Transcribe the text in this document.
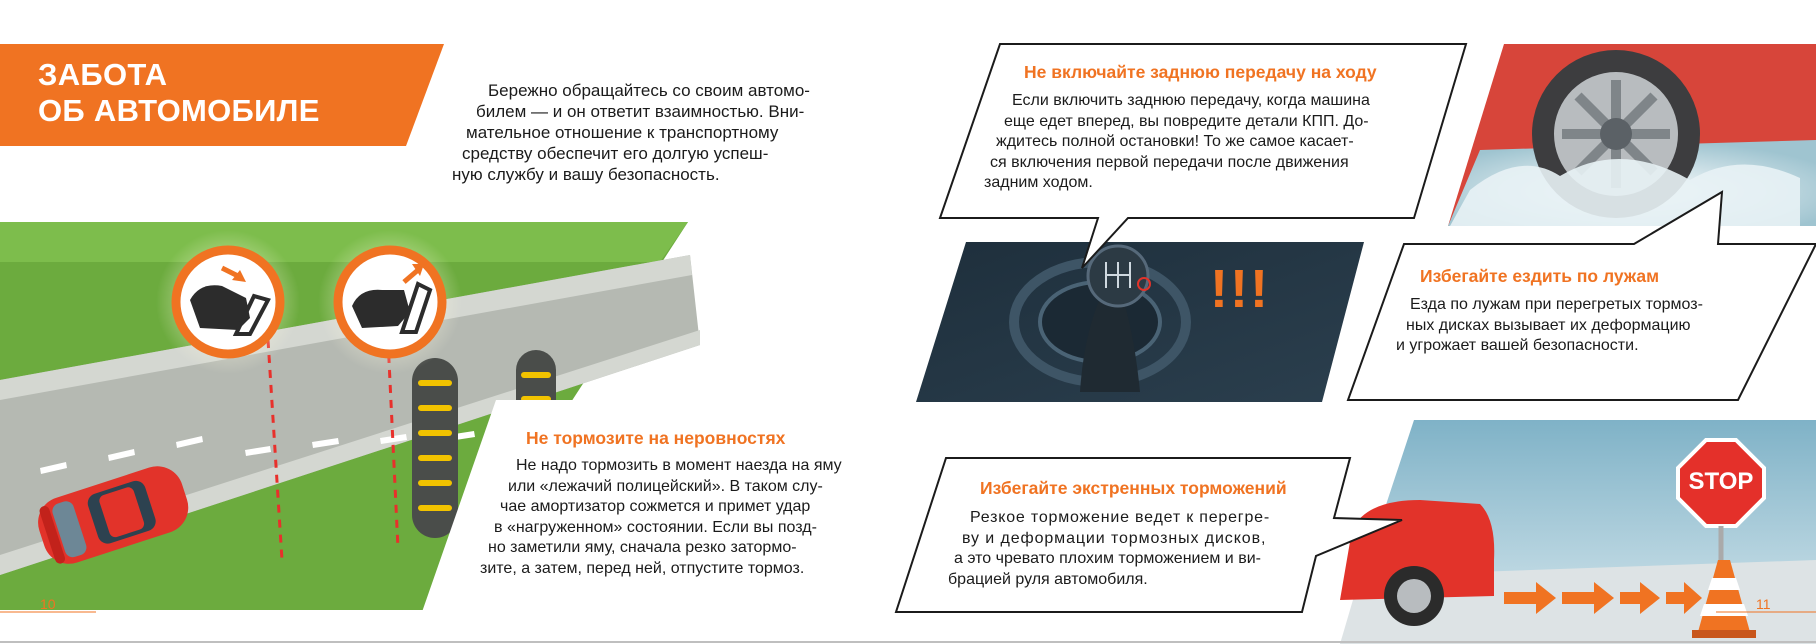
ЗАБОТА
ОБ АВТОМОБИЛЕ
Бережно обращайтесь со своим автомо-
билем — и он ответит взаимностью. Вни-
мательное отношение к транспортному
средству обеспечит его долгую успеш-
ную службу и вашу безопасность.
Не тормозите на неровностях
Не надо тормозить в момент наезда на яму
или «лежачий полицейский». В таком слу-
чае амортизатор сожмется и примет удар
в «нагруженном» состоянии. Если вы позд-
но заметили яму, сначала резко затормо-
зите, а затем, перед ней, отпустите тормоз.
Не включайте заднюю передачу на ходу
Если включить заднюю передачу, когда машина
еще едет вперед, вы повредите детали КПП. До-
ждитесь полной остановки! То же самое касает-
ся включения первой передачи после движения
задним ходом.
!!!	Избегайте ездить по лужам
Езда по лужам при перегретых тормоз-
ных дисках вызывает их деформацию
и угрожает вашей безопасности.
Избегайте экстренных торможений
Резкое торможение ведет к перегре-
ву и деформации тормозных дисков,
а это чревато плохим торможением и ви-
брацией руля автомобиля.
STOP
10	11
